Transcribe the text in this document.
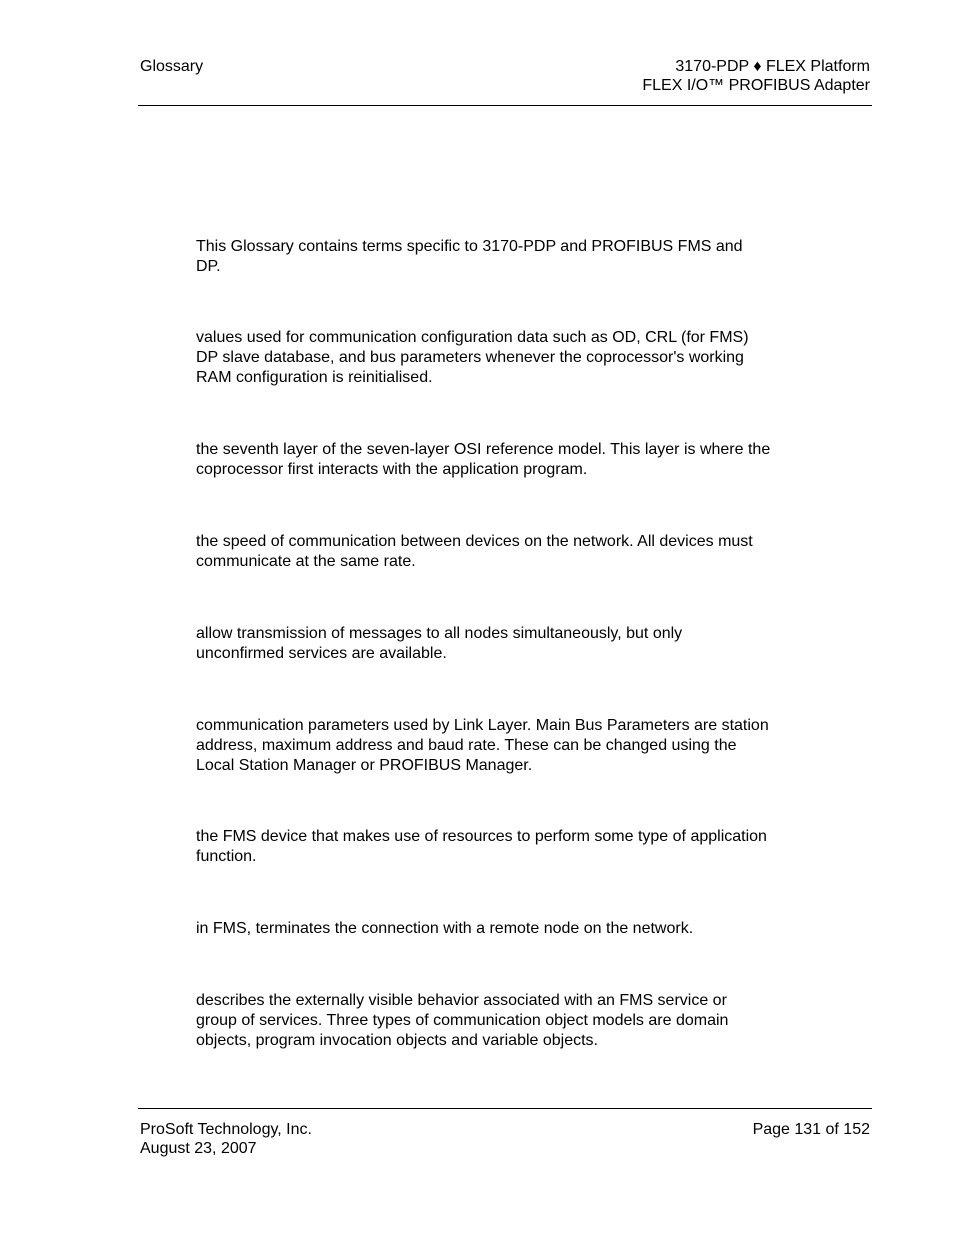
Glossary	3170-PDP ♦ FLEX Platform
FLEX I/O™ PROFIBUS Adapter
This Glossary contains terms specific to 3170-PDP and PROFIBUS FMS and
DP.
values used for communication configuration data such as OD, CRL (for FMS)
DP slave database, and bus parameters whenever the coprocessor's working
RAM configuration is reinitialised.
the seventh layer of the seven-layer OSI reference model. This layer is where the
coprocessor first interacts with the application program.
the speed of communication between devices on the network. All devices must
communicate at the same rate.
allow transmission of messages to all nodes simultaneously, but only
unconfirmed services are available.
communication parameters used by Link Layer. Main Bus Parameters are station
address, maximum address and baud rate. These can be changed using the
Local Station Manager or PROFIBUS Manager.
the FMS device that makes use of resources to perform some type of application
function.
in FMS, terminates the connection with a remote node on the network.
describes the externally visible behavior associated with an FMS service or
group of services. Three types of communication object models are domain
objects, program invocation objects and variable objects.
ProSoft Technology, Inc.
August 23, 2007
Page 131 of 152
